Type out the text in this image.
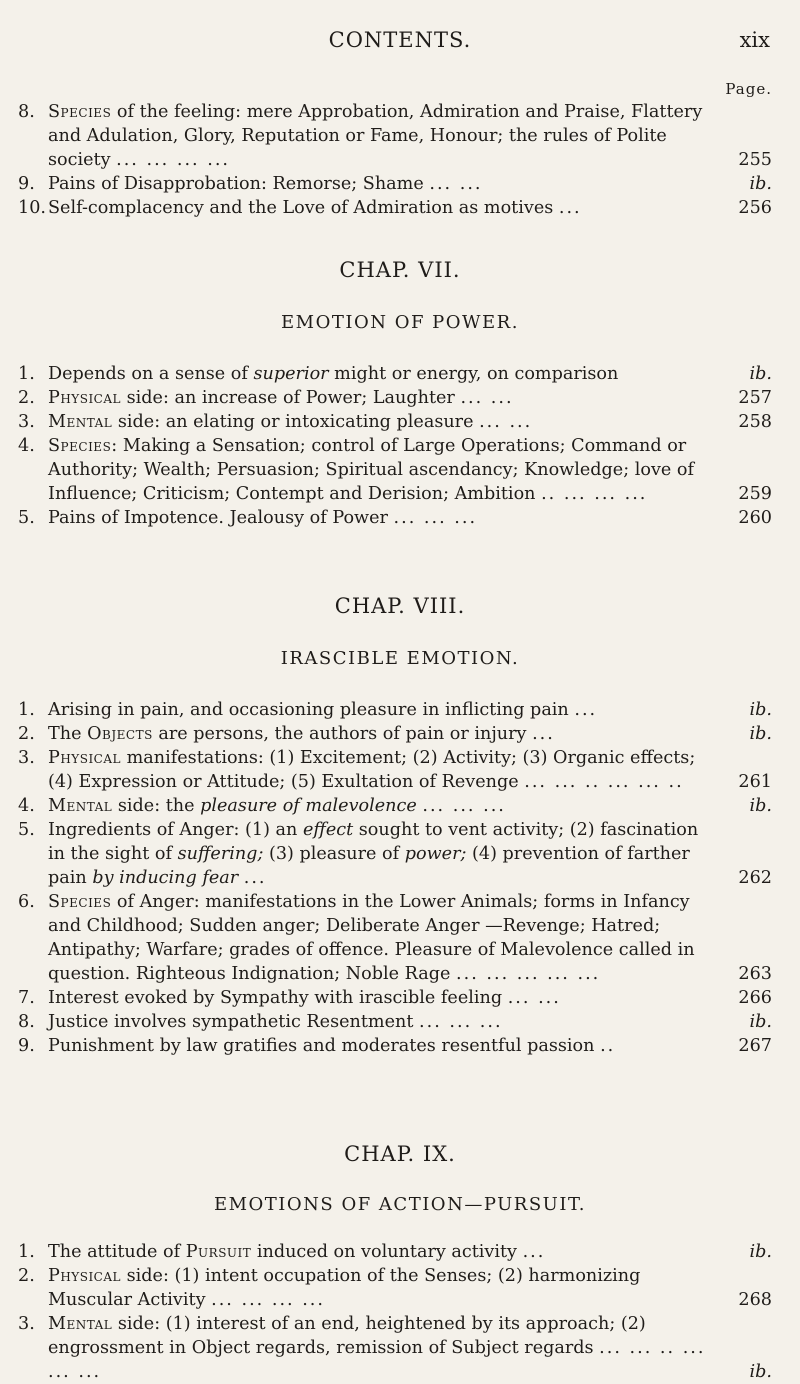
CONTENTS.	xix
Page.
8. Species of the feeling: mere Approbation, Admiration and Praise, Flattery and Adulation, Glory, Reputation or Fame, Honour; the rules of Polite society ... ... ... ...	255
9. Pains of Disapprobation: Remorse; Shame ... ...	ib.
10. Self-complacency and the Love of Admiration as motives ...	256
CHAP. VII.
EMOTION OF POWER.
1. Depends on a sense of superior might or energy, on comparison	ib.
2. Physical side: an increase of Power; Laughter ... ...	257
3. Mental side: an elating or intoxicating pleasure ... ...	258
4. Species: Making a Sensation; control of Large Operations; Command or Authority; Wealth; Persuasion; Spiritual ascendancy; Knowledge; love of Influence; Criticism; Contempt and Derision; Ambition .. ... ... ...	259
5. Pains of Impotence. Jealousy of Power ... ... ...	260
CHAP. VIII.
IRASCIBLE EMOTION.
1. Arising in pain, and occasioning pleasure in inflicting pain ...	ib.
2. The Objects are persons, the authors of pain or injury ...	ib.
3. Physical manifestations: (1) Excitement; (2) Activity; (3) Organic effects; (4) Expression or Attitude; (5) Exultation of Revenge ... ... .. ... ... ..	261
4. Mental side: the pleasure of malevolence ... ... ...	ib.
5. Ingredients of Anger: (1) an effect sought to vent activity; (2) fascination in the sight of suffering; (3) pleasure of power; (4) prevention of farther pain by inducing fear ...	262
6. Species of Anger: manifestations in the Lower Animals; forms in Infancy and Childhood; Sudden anger; Deliberate Anger —Revenge; Hatred; Antipathy; Warfare; grades of offence. Pleasure of Malevolence called in question. Righteous Indignation; Noble Rage ... ... ... ... ...	263
7. Interest evoked by Sympathy with irascible feeling ... ...	266
8. Justice involves sympathetic Resentment ... ... ...	ib.
9. Punishment by law gratifies and moderates resentful passion ..	267
CHAP. IX.
EMOTIONS OF ACTION—PURSUIT.
1. The attitude of Pursuit induced on voluntary activity ...	ib.
2. Physical side: (1) intent occupation of the Senses; (2) harmonizing Muscular Activity ... ... ... ...	268
3. Mental side: (1) interest of an end, heightened by its approach; (2) engrossment in Object regards, remission of Subject regards ... ... .. ... ... ...	ib.
